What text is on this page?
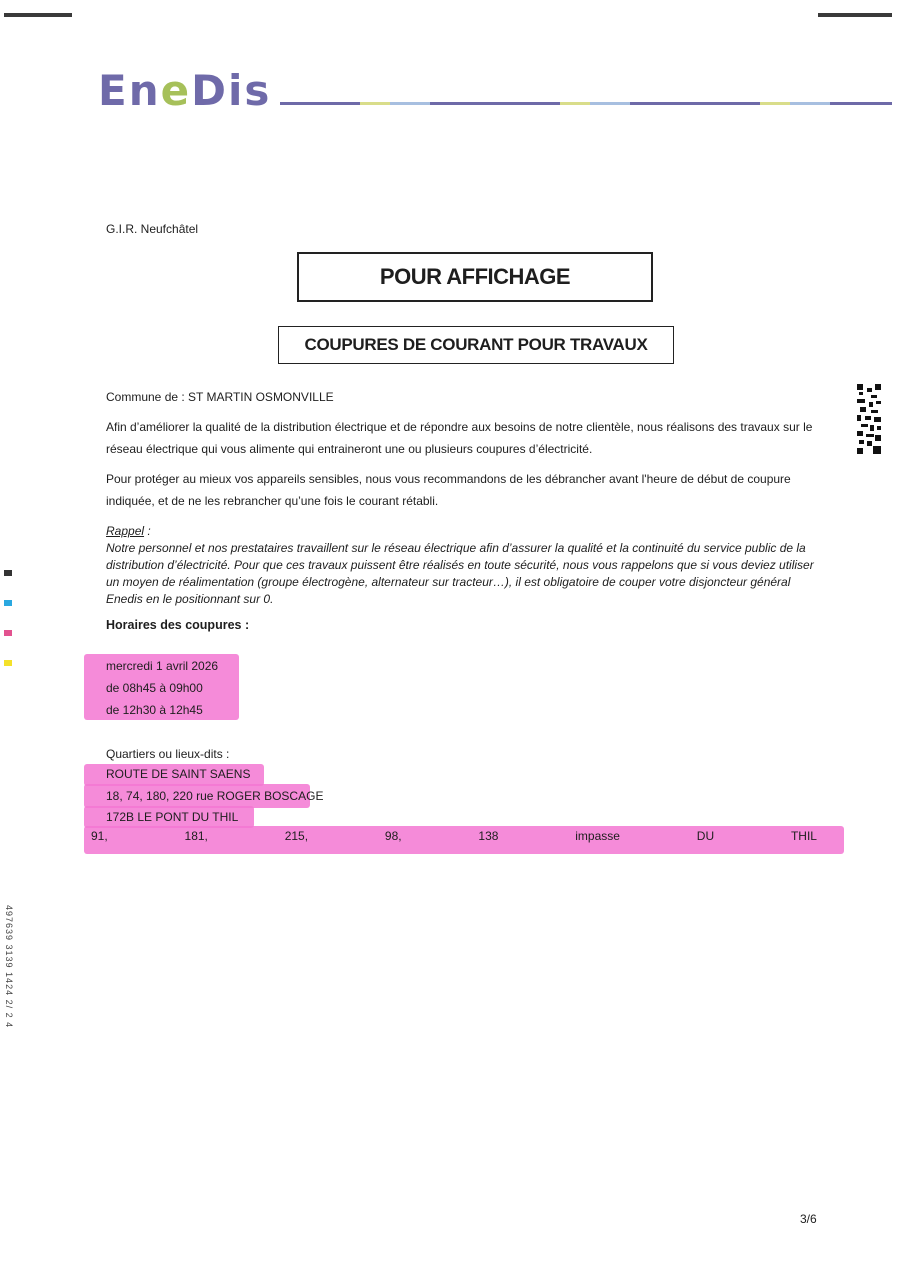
EneDis
G.I.R. Neufchâtel
POUR AFFICHAGE
COUPURES DE COURANT POUR TRAVAUX
Commune de : ST MARTIN OSMONVILLE
Afin d’améliorer la qualité de la distribution électrique et de répondre aux besoins de notre clientèle, nous réalisons des travaux sur le réseau électrique qui vous alimente qui entraineront une ou plusieurs coupures d’électricité.
Pour protéger au mieux vos appareils sensibles, nous vous recommandons de les débrancher avant l'heure de début de coupure indiquée, et de ne les rebrancher qu’une fois le courant rétabli.
Rappel :
Notre personnel et nos prestataires travaillent sur le réseau électrique afin d’assurer la qualité et la continuité du service public de la distribution d’électricité. Pour que ces travaux puissent être réalisés en toute sécurité, nous vous rappelons que si vous deviez utiliser un moyen de réalimentation (groupe électrogène, alternateur sur tracteur…), il est obligatoire de couper votre disjoncteur général Enedis en le positionnant sur 0.
Horaires des coupures :
mercredi 1 avril 2026
de 08h45 à 09h00
de 12h30 à 12h45
Quartiers ou lieux-dits :
ROUTE DE SAINT SAENS
18, 74, 180, 220 rue ROGER BOSCAGE
172B LE PONT DU THIL
91,	181,	215,	98,	138	impasse	DU	THIL
497639 3139 1424 2/ 2 4
3/6
